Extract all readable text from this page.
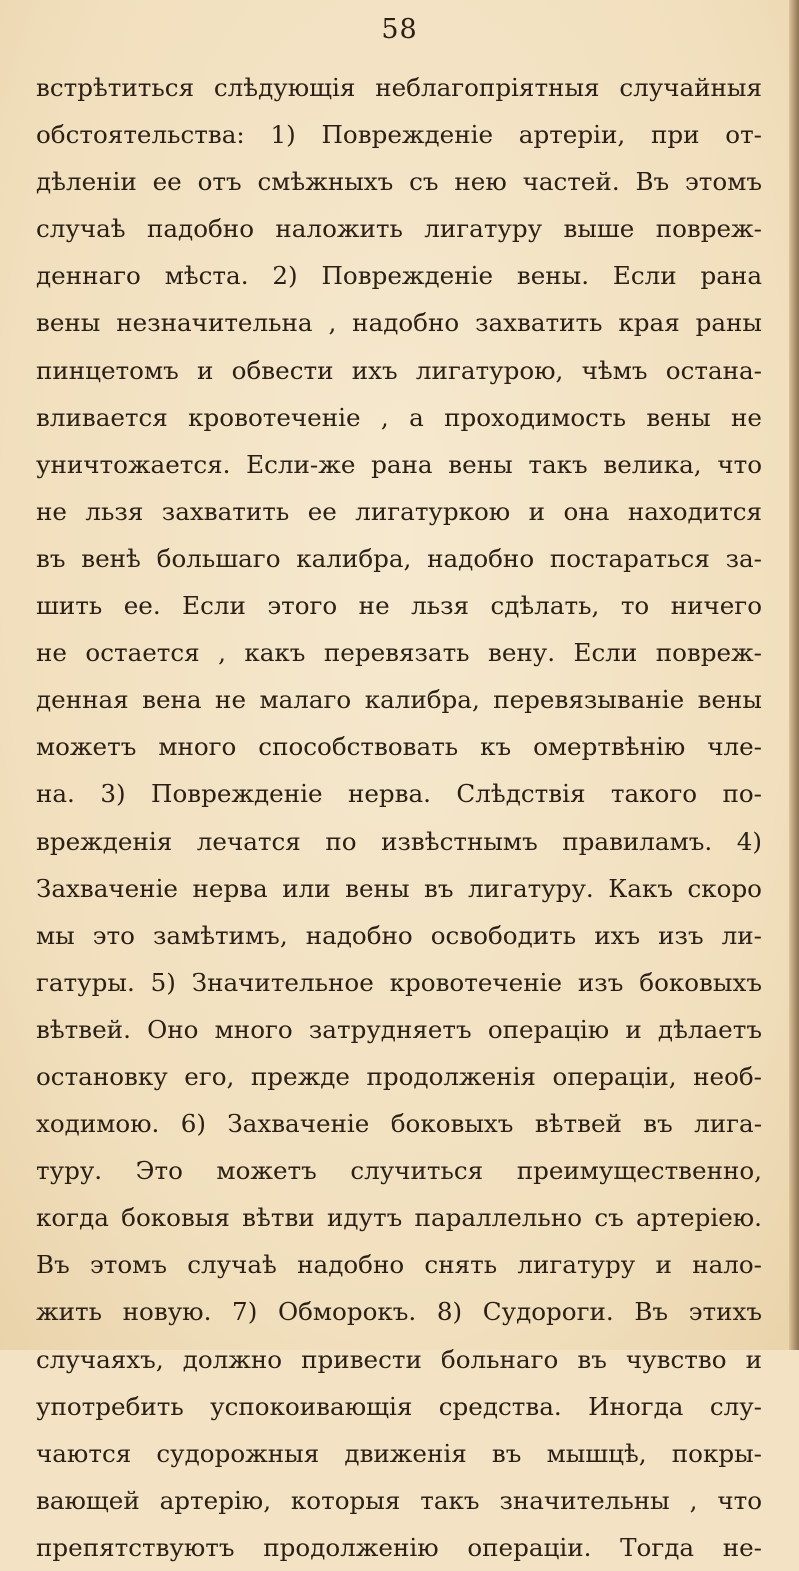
58
встрѣтиться слѣдующія неблагопріятныя случайныя
обстоятельства: 1) Поврежденіе артеріи, при от-
дѣленіи ее отъ смѣжныхъ съ нею частей. Въ этомъ
случаѣ падобно наложить лигатуру выше повреж-
деннаго мѣста. 2) Поврежденіе вены. Если рана
вены незначительна , надобно захватить края раны
пинцетомъ и обвести ихъ лигатурою, чѣмъ остана-
вливается кровотеченіе , а проходимость вены не
уничтожается. Если-же рана вены такъ велика, что
не льзя захватить ее лигатуркою и она находится
въ венѣ большаго калибра, надобно постараться за-
шить ее. Если этого не льзя сдѣлать, то ничего
не остается , какъ перевязать вену. Если повреж-
денная вена не малаго калибра, перевязываніе вены
можетъ много способствовать къ омертвѣнію чле-
на. 3) Поврежденіе нерва. Слѣдствія такого по-
врежденія лечатся по извѣстнымъ правиламъ. 4)
Захваченіе нерва или вены въ лигатуру. Какъ скоро
мы это замѣтимъ, надобно освободить ихъ изъ ли-
гатуры. 5) Значительное кровотеченіе изъ боковыхъ
вѣтвей. Оно много затрудняетъ операцію и дѣлаетъ
остановку его, прежде продолженія операціи, необ-
ходимою. 6) Захваченіе боковыхъ вѣтвей въ лига-
туру. Это можетъ случиться преимущественно,
когда боковыя вѣтви идутъ параллельно съ артеріею.
Въ этомъ случаѣ надобно снять лигатуру и нало-
жить новую. 7) Обморокъ. 8) Судороги. Въ этихъ
случаяхъ, должно привести больнаго въ чувство и
употребить успокоивающія средства. Иногда слу-
чаются судорожныя движенія въ мышцѣ, покры-
вающей артерію, которыя такъ значительны , что
препятствуютъ продолженію операціи. Тогда не-
